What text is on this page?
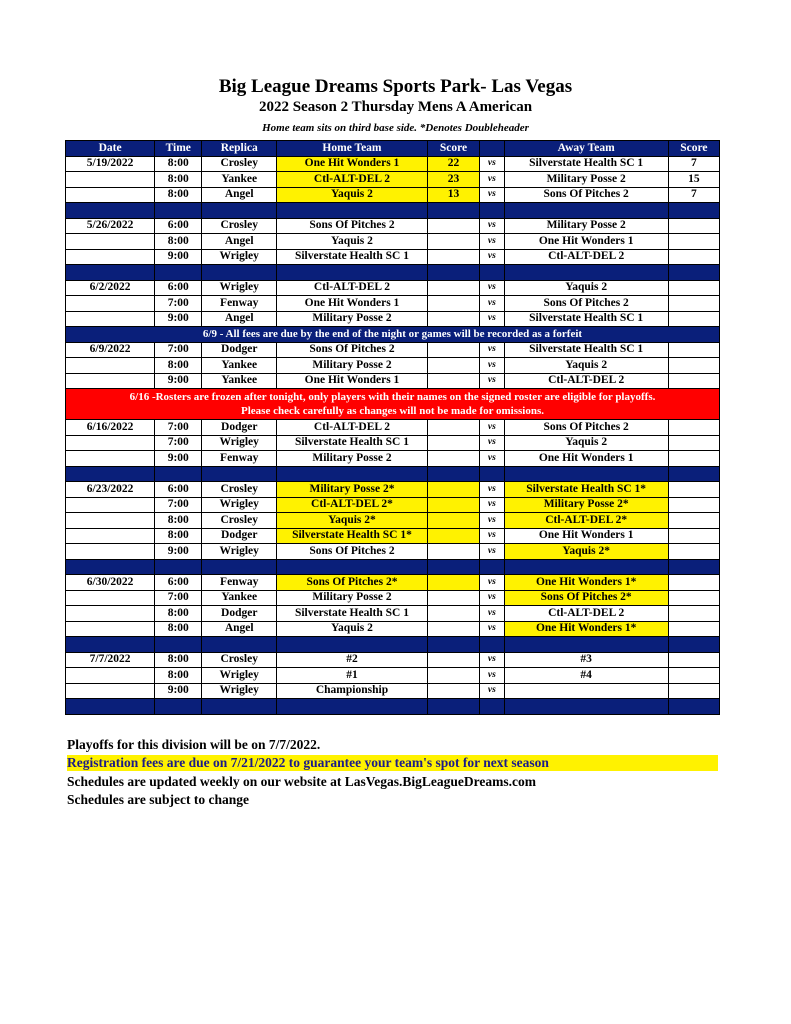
Big League Dreams Sports Park- Las Vegas
2022 Season 2 Thursday Mens A American
Home team sits on third base side. *Denotes Doubleheader
Date	Time	Replica	Home Team	Score		Away Team	Score
5/19/2022	8:00	Crosley	One Hit Wonders 1	22	vs	Silverstate Health SC 1	7
	8:00	Yankee	Ctl-ALT-DEL 2	23	vs	Military Posse 2	15
	8:00	Angel	Yaquis 2	13	vs	Sons Of Pitches 2	7

5/26/2022	6:00	Crosley	Sons Of Pitches 2		vs	Military Posse 2	
	8:00	Angel	Yaquis 2		vs	One Hit Wonders 1	
	9:00	Wrigley	Silverstate Health SC 1		vs	Ctl-ALT-DEL 2	

6/2/2022	6:00	Wrigley	Ctl-ALT-DEL 2		vs	Yaquis 2	
	7:00	Fenway	One Hit Wonders 1		vs	Sons Of Pitches 2	
	9:00	Angel	Military Posse 2		vs	Silverstate Health SC 1	
6/9 - All fees are due by the end of the night or games will be recorded as a forfeit							
6/9/2022	7:00	Dodger	Sons Of Pitches 2		vs	Silverstate Health SC 1	
	8:00	Yankee	Military Posse 2		vs	Yaquis 2	
	9:00	Yankee	One Hit Wonders 1		vs	Ctl-ALT-DEL 2	

6/16 -Rosters are frozen after tonight, only players with their names on the signed roster are eligible for playoffs.
Please check carefully as changes will not be made for omissions.							

6/16/2022	7:00	Dodger	Ctl-ALT-DEL 2		vs	Sons Of Pitches 2	
	7:00	Wrigley	Silverstate Health SC 1		vs	Yaquis 2	
	9:00	Fenway	Military Posse 2		vs	One Hit Wonders 1	

6/23/2022	6:00	Crosley	Military Posse 2*		vs	Silverstate Health SC 1*	
	7:00	Wrigley	Ctl-ALT-DEL 2*		vs	Military Posse 2*	
	8:00	Crosley	Yaquis 2*		vs	Ctl-ALT-DEL 2*	
	8:00	Dodger	Silverstate Health SC 1*		vs	One Hit Wonders 1	
	9:00	Wrigley	Sons Of Pitches 2		vs	Yaquis 2*	

6/30/2022	6:00	Fenway	Sons Of Pitches 2*		vs	One Hit Wonders 1*	
	7:00	Yankee	Military Posse 2		vs	Sons Of Pitches 2*	
	8:00	Dodger	Silverstate Health SC 1		vs	Ctl-ALT-DEL 2	
	8:00	Angel	Yaquis 2		vs	One Hit Wonders 1*	

7/7/2022	8:00	Crosley	#2		vs	#3	
	8:00	Wrigley	#1		vs	#4	
	9:00	Wrigley	Championship		vs		

Playoffs for this division will be on 7/7/2022.
Registration fees are due on 7/21/2022 to guarantee your team's spot for next season
Schedules are updated weekly on our website at LasVegas.BigLeagueDreams.com
Schedules are subject to change
